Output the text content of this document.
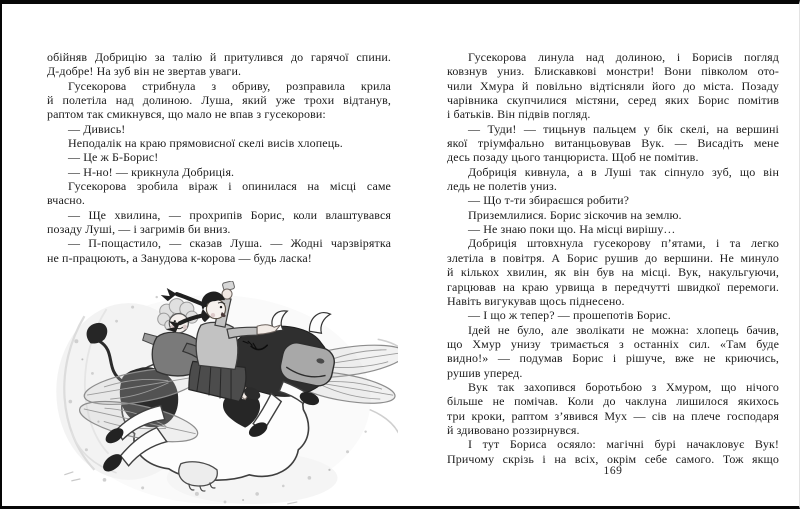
обійняв Добрицію за талію й притулився до гарячої спини.
Д-добре! На зуб він не звертав уваги.
Гусекорова стрибнула з обриву, розправила крила
й полетіла над долиною. Луша, який уже трохи відтанув,
раптом так смикнувся, що мало не впав з гусекорови:
— Дивись!
Неподалік на краю прямовисної скелі висів хлопець.
— Це ж Б-Борис!
— Н-но! — крикнула Добриція.
Гусекорова зробила віраж і опинилася на місці саме
вчасно.
— Ще хвилина, — прохрипів Борис, коли влаштувався
позаду Луші, — і загримів би вниз.
— П-пощастило, — сказав Луша. — Жодні чарзвірятка
не п-працюють, а Занудова к-корова — будь ласка!
Гусекорова линула над долиною, і Борисів погляд
ковзнув униз. Блискавкові монстри! Вони півколом ото-
чили Хмура й повільно відтісняли його до міста. Позаду
чарівника скупчилися містяни, серед яких Борис помітив
і батьків. Він підвів погляд.
— Туди! — тицьнув пальцем у бік скелі, на вершині
якої тріумфально витанцьовував Вук. — Висадіть мене
десь позаду цього танцюриста. Щоб не помітив.
Добриція кивнула, а в Луші так сіпнуло зуб, що він
ледь не полетів униз.
— Що т-ти збираєшся робити?
Приземлилися. Борис зіскочив на землю.
— Не знаю поки що. На місці вирішу…
Добриція штовхнула гусекорову п’ятами, і та легко
злетіла в повітря. А Борис рушив до вершини. Не минуло
й кількох хвилин, як він був на місці. Вук, накульгуючи,
гарцював на краю урвища в передчутті швидкої перемоги.
Навіть вигукував щось піднесено.
— І що ж тепер? — прошепотів Борис.
Ідей не було, але зволікати не можна: хлопець бачив,
що Хмур унизу тримається з останніх сил. «Там буде
видно!» — подумав Борис і рішуче, вже не криючись,
рушив уперед.
Вук так захопився боротьбою з Хмуром, що нічого
більше не помічав. Коли до чаклуна лишилося якихось
три кроки, раптом з’явився Мух — сів на плече господаря
й здивовано роззирнувся.
І тут Бориса осяяло: магічні бурі начакловує Вук!
Причому скрізь і на всіх, окрім себе самого. Тож якщо
169
